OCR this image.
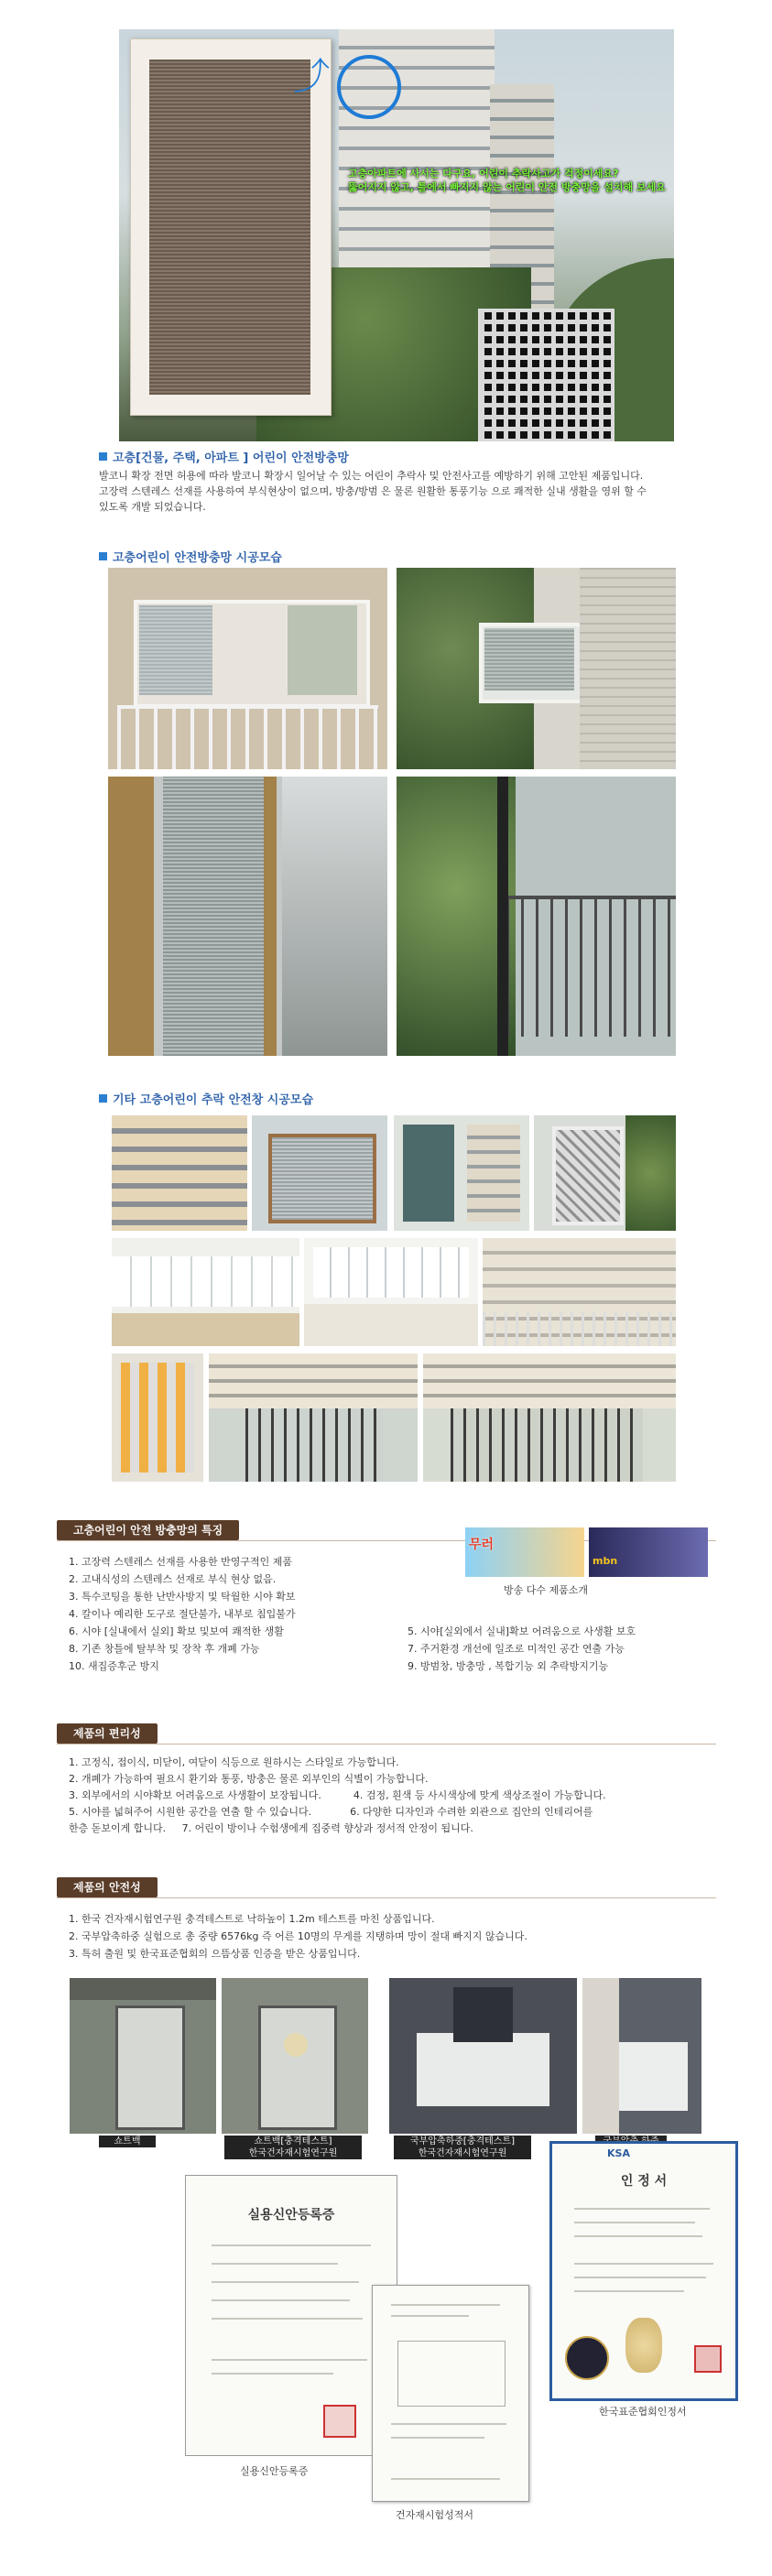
⤴
고층아파트에 사시는 다구요, 어린이 추락사고가 걱정이세요?
뚫어지지 않고, 틀에서 빠지지 않는 어린이 안전 방충망을 설치해 보세요
고층[건물, 주택, 아파트 ] 어린이 안전방충망
발코니 확장 전면 허용에 따라 발코니 확장시 일어날 수 있는 어린이 추락사 및 안전사고를 예방하기 위해 고안된 제품입니다.
고장력 스텐레스 선재를 사용하여 부식현상이 없으며, 방충/방범 은 물론 원활한 통풍기능 으로 쾌적한 실내 생활을 영위 할 수
있도록 개발 되었습니다.
고층어린이 안전방충망 시공모습
기타 고층어린이 추락 안전창 시공모습
고층어린이 안전 방충망의 특징
무러
mbn
방송 다수 제품소개
1. 고장력 스텐레스 선재를 사용한 반영구적인 제품
2. 고내식성의 스텐레스 선재로 부식 현상 없음.
3. 특수코팅을 통한 난반사방지 및 탁월한 시야 확보
4. 칼이나 예리한 도구로 절단불가, 내부로 침입불가
6. 시야 [실내에서 실외] 확보 및보여 쾌적한 생활
8. 기존 창틀에 탈부착 및 장착 후 개폐 가능
10. 새집증후군 방지
5. 시야[실외에서 실내]확보 어려움으로 사생활 보호
7. 주거환경 개선에 일조로 미적인 공간 연출 가능
9. 방범창, 방충망 , 복합기능 외 추락방지기능
제품의 편리성
1. 고정식, 접이식, 미닫이, 여닫이 식등으로 원하시는 스타일로 가능합니다.
2. 개폐가 가능하여 필요시 환기와 통풍, 방충은 물론 외부인의 식별이 가능합니다.
3. 외부에서의 시야확보 어려움으로 사생활이 보장됩니다.          4. 검정, 흰색 등 사시색상에 맞게 색상조절이 가능합니다.
5. 시야를 넓혀주어 시원한 공간을 연출 할 수 있습니다.            6. 다양한 디자인과 수려한 외관으로 집안의 인테리어를
한층 돋보이게 합니다.     7. 어린이 방이나 수험생에게 집중력 향상과 정서적 안정이 됩니다.
제품의 안전성
1. 한국 건자재시험연구원 충격테스트로 낙하높이 1.2m 테스트를 마친 상품입니다.
2. 국부압축하중 실험으로 총 중량 6576kg 즉 어른 10명의 무게를 지탱하며 망이 절대 빠지지 않습니다.
3. 특허 출원 및 한국표준협회의 으뜸상품 인증을 받은 상품입니다.
쇼트백	쇼트백[충격테스트]
한국건자재시험연구원
국부압축하중[충격테스트]
한국건자재시험연구원
실용신안등록증
실용신안등록증
건자재시험성적서
KSA
인 정 서
한국표준협회인정서
